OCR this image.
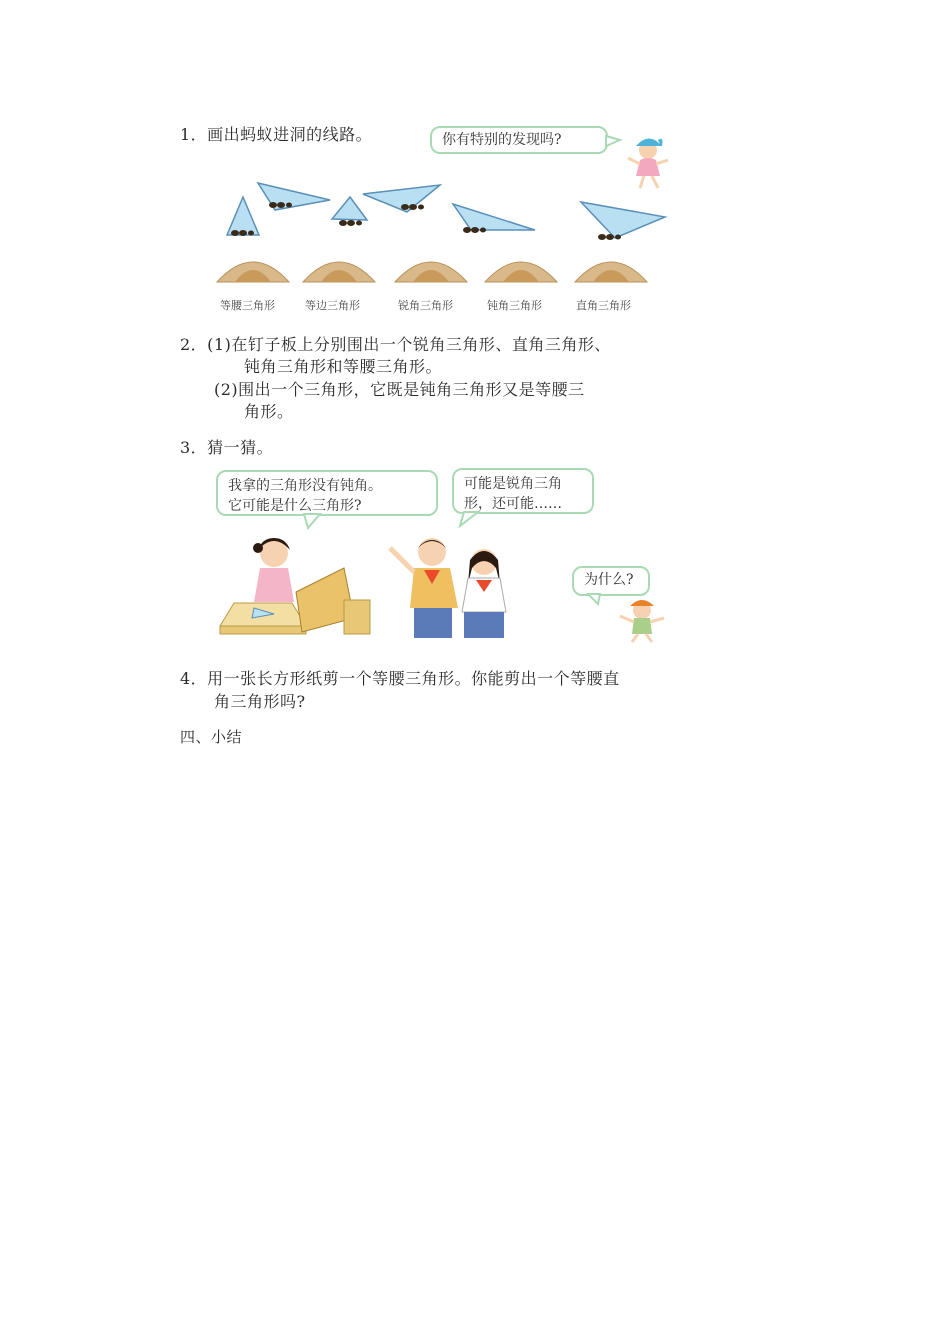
1．画出蚂蚁进洞的线路。	你有特别的发现吗?
等腰三角形	等边三角形	锐角三角形	钝角三角形	直角三角形
2．(1)在钉子板上分别围出一个锐角三角形、直角三角形、
钝角三角形和等腰三角形。
(2)围出一个三角形，它既是钝角三角形又是等腰三
角形。
3．猜一猜。
我拿的三角形没有钝角。
它可能是什么三角形?
可能是锐角三角
形，还可能……
为什么?
4．用一张长方形纸剪一个等腰三角形。你能剪出一个等腰直
角三角形吗?
四、小结
